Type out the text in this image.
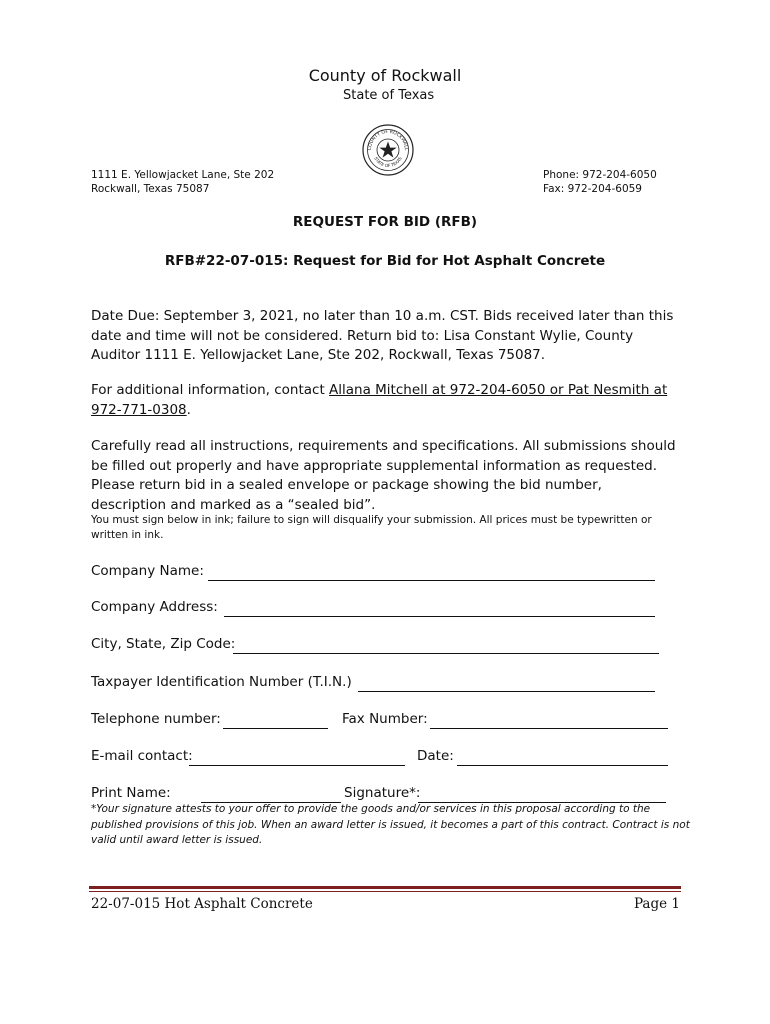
County of Rockwall
State of Texas
COUNTY OF ROCKWALL
STATE OF TEXAS
1111 E. Yellowjacket Lane, Ste 202
Rockwall, Texas 75087
Phone: 972-204-6050
Fax: 972-204-6059
REQUEST FOR BID (RFB)
RFB#22-07-015: Request for Bid for Hot Asphalt Concrete
Date Due: September 3, 2021, no later than 10 a.m. CST. Bids received later than this date and time will not be considered. Return bid to: Lisa Constant Wylie, County Auditor 1111 E. Yellowjacket Lane, Ste 202, Rockwall, Texas 75087.
For additional information, contact Allana Mitchell at 972-204-6050 or Pat Nesmith at 972-771-0308.
Carefully read all instructions, requirements and specifications. All submissions should be filled out properly and have appropriate supplemental information as requested. Please return bid in a sealed envelope or package showing the bid number, description and marked as a “sealed bid”.
You must sign below in ink; failure to sign will disqualify your submission. All prices must be typewritten or written in ink.
Company Name:
Company Address:
City, State, Zip Code:
Taxpayer Identification Number (T.I.N.)
Telephone number:	Fax Number:
E-mail contact:	Date:
Print Name:	Signature*:
*Your signature attests to your offer to provide the goods and/or services in this proposal according to the published provisions of this job. When an award letter is issued, it becomes a part of this contract. Contract is not valid until award letter is issued.
22-07-015 Hot Asphalt Concrete	Page 1
